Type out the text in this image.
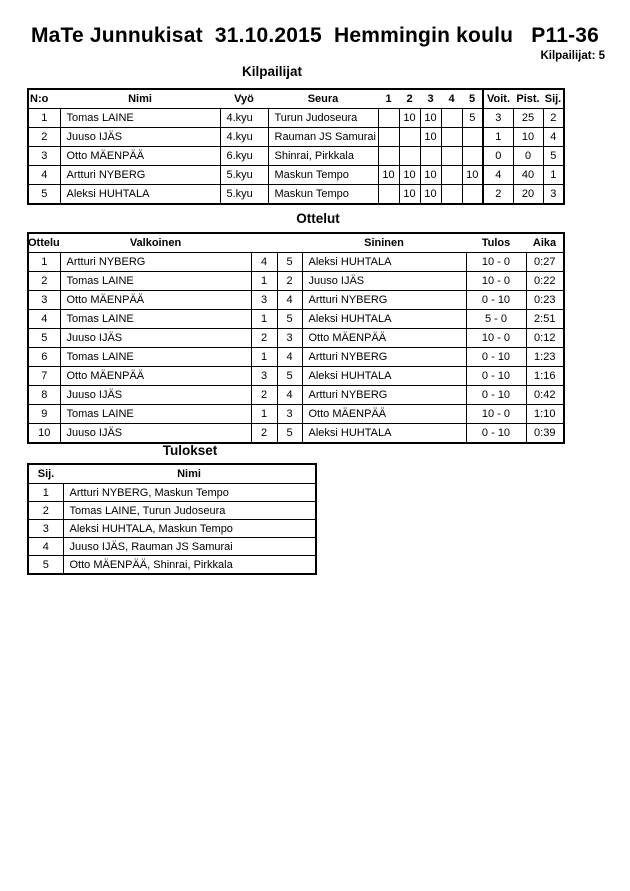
MaTe Junnukisat  31.10.2015  Hemmingin koulu   P11-36
Kilpailijat: 5
Kilpailijat
N:o	Nimi	Vyö	Seura	1	2	3	4	5	Voit.	Pist.	Sij.
1	Tomas LAINE	4.kyu	Turun Judoseura		10	10		5	3	25	2
2	Juuso IJÄS	4.kyu	Rauman JS Samurai			10			1	10	4
3	Otto MÄENPÄÄ	6.kyu	Shinrai, Pirkkala						0	0	5
4	Artturi NYBERG	5.kyu	Maskun Tempo	10	10	10		10	4	40	1
5	Aleksi HUHTALA	5.kyu	Maskun Tempo		10	10			2	20	3
Ottelut
Ottelu	Valkoinen			Sininen	Tulos	Aika
1	Artturi NYBERG	4	5	Aleksi HUHTALA	10 - 0	0:27
2	Tomas LAINE	1	2	Juuso IJÄS	10 - 0	0:22
3	Otto MÄENPÄÄ	3	4	Artturi NYBERG	0 - 10	0:23
4	Tomas LAINE	1	5	Aleksi HUHTALA	5 - 0	2:51
5	Juuso IJÄS	2	3	Otto MÄENPÄÄ	10 - 0	0:12
6	Tomas LAINE	1	4	Artturi NYBERG	0 - 10	1:23
7	Otto MÄENPÄÄ	3	5	Aleksi HUHTALA	0 - 10	1:16
8	Juuso IJÄS	2	4	Artturi NYBERG	0 - 10	0:42
9	Tomas LAINE	1	3	Otto MÄENPÄÄ	10 - 0	1:10
10	Juuso IJÄS	2	5	Aleksi HUHTALA	0 - 10	0:39
Tulokset
Sij.	Nimi
1	Artturi NYBERG, Maskun Tempo
2	Tomas LAINE, Turun Judoseura
3	Aleksi HUHTALA, Maskun Tempo
4	Juuso IJÄS, Rauman JS Samurai
5	Otto MÄENPÄÄ, Shinrai, Pirkkala
